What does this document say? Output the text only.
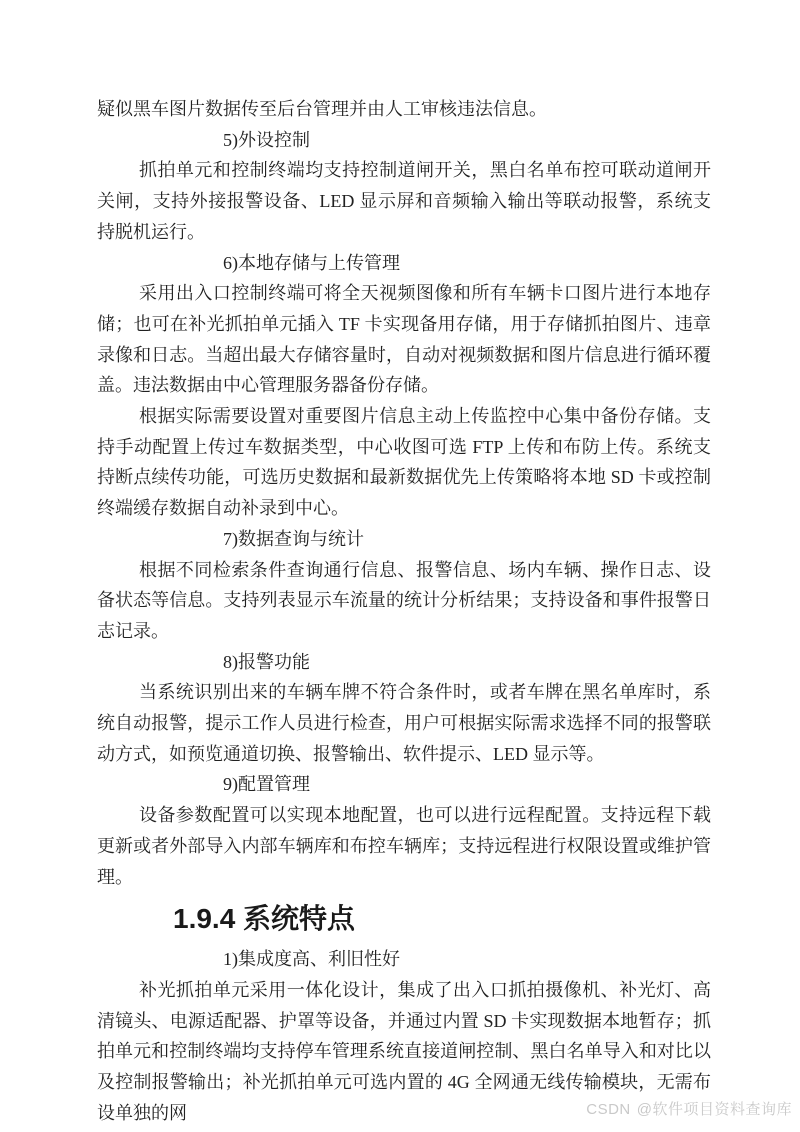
疑似黑车图片数据传至后台管理并由人工审核违法信息。

5)外设控制

抓拍单元和控制终端均支持控制道闸开关，黑白名单布控可联动道闸开关闸，支持外接报警设备、LED 显示屏和音频输入输出等联动报警，系统支持脱机运行。

6)本地存储与上传管理

采用出入口控制终端可将全天视频图像和所有车辆卡口图片进行本地存储；也可在补光抓拍单元插入 TF 卡实现备用存储，用于存储抓拍图片、违章录像和日志。当超出最大存储容量时，自动对视频数据和图片信息进行循环覆盖。违法数据由中心管理服务器备份存储。

根据实际需要设置对重要图片信息主动上传监控中心集中备份存储。支持手动配置上传过车数据类型，中心收图可选 FTP 上传和布防上传。系统支持断点续传功能，可选历史数据和最新数据优先上传策略将本地 SD 卡或控制终端缓存数据自动补录到中心。

7)数据查询与统计

根据不同检索条件查询通行信息、报警信息、场内车辆、操作日志、设备状态等信息。支持列表显示车流量的统计分析结果；支持设备和事件报警日志记录。

8)报警功能

当系统识别出来的车辆车牌不符合条件时，或者车牌在黑名单库时，系统自动报警，提示工作人员进行检查，用户可根据实际需求选择不同的报警联动方式，如预览通道切换、报警输出、软件提示、LED 显示等。

9)配置管理

设备参数配置可以实现本地配置，也可以进行远程配置。支持远程下载更新或者外部导入内部车辆库和布控车辆库；支持远程进行权限设置或维护管理。

1.9.4 系统特点

1)集成度高、利旧性好

补光抓拍单元采用一体化设计，集成了出入口抓拍摄像机、补光灯、高清镜头、电源适配器、护罩等设备，并通过内置 SD 卡实现数据本地暂存；抓拍单元和控制终端均支持停车管理系统直接道闸控制、黑白名单导入和对比以及控制报警输出；补光抓拍单元可选内置的 4G 全网通无线传输模块，无需布设单独的网	CSDN @软件项目资料查询库
